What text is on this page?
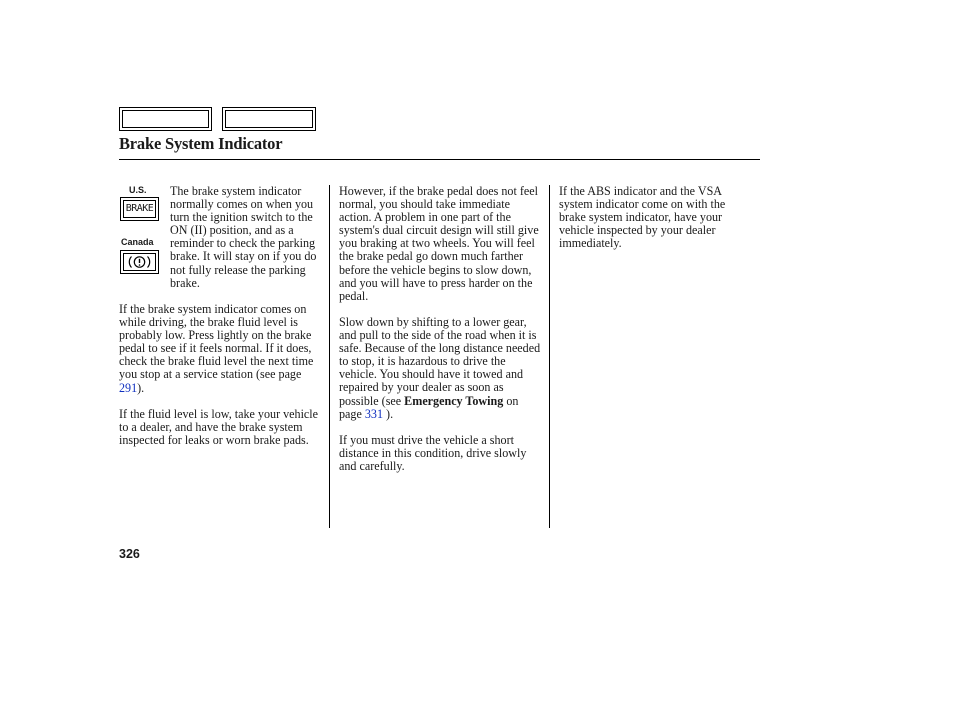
Brake System Indicator
U.S.
BRAKE
Canada

The brake system indicator normally comes on when you turn the ignition switch to the ON (II) position, and as a reminder to check the parking brake. It will stay on if you do not fully release the parking brake.

If the brake system indicator comes on while driving, the brake fluid level is probably low. Press lightly on the brake pedal to see if it feels normal. If it does, check the brake fluid level the next time you stop at a service station (see page 291).

If the fluid level is low, take your vehicle to a dealer, and have the brake system inspected for leaks or worn brake pads.

However, if the brake pedal does not feel normal, you should take immediate action. A problem in one part of the system's dual circuit design will still give you braking at two wheels. You will feel the brake pedal go down much farther before the vehicle begins to slow down, and you will have to press harder on the pedal.

Slow down by shifting to a lower gear, and pull to the side of the road when it is safe. Because of the long distance needed to stop, it is hazardous to drive the vehicle. You should have it towed and repaired by your dealer as soon as possible (see Emergency Towing on page 331 ).

If you must drive the vehicle a short distance in this condition, drive slowly and carefully.

If the ABS indicator and the VSA system indicator come on with the brake system indicator, have your vehicle inspected by your dealer immediately.

326
